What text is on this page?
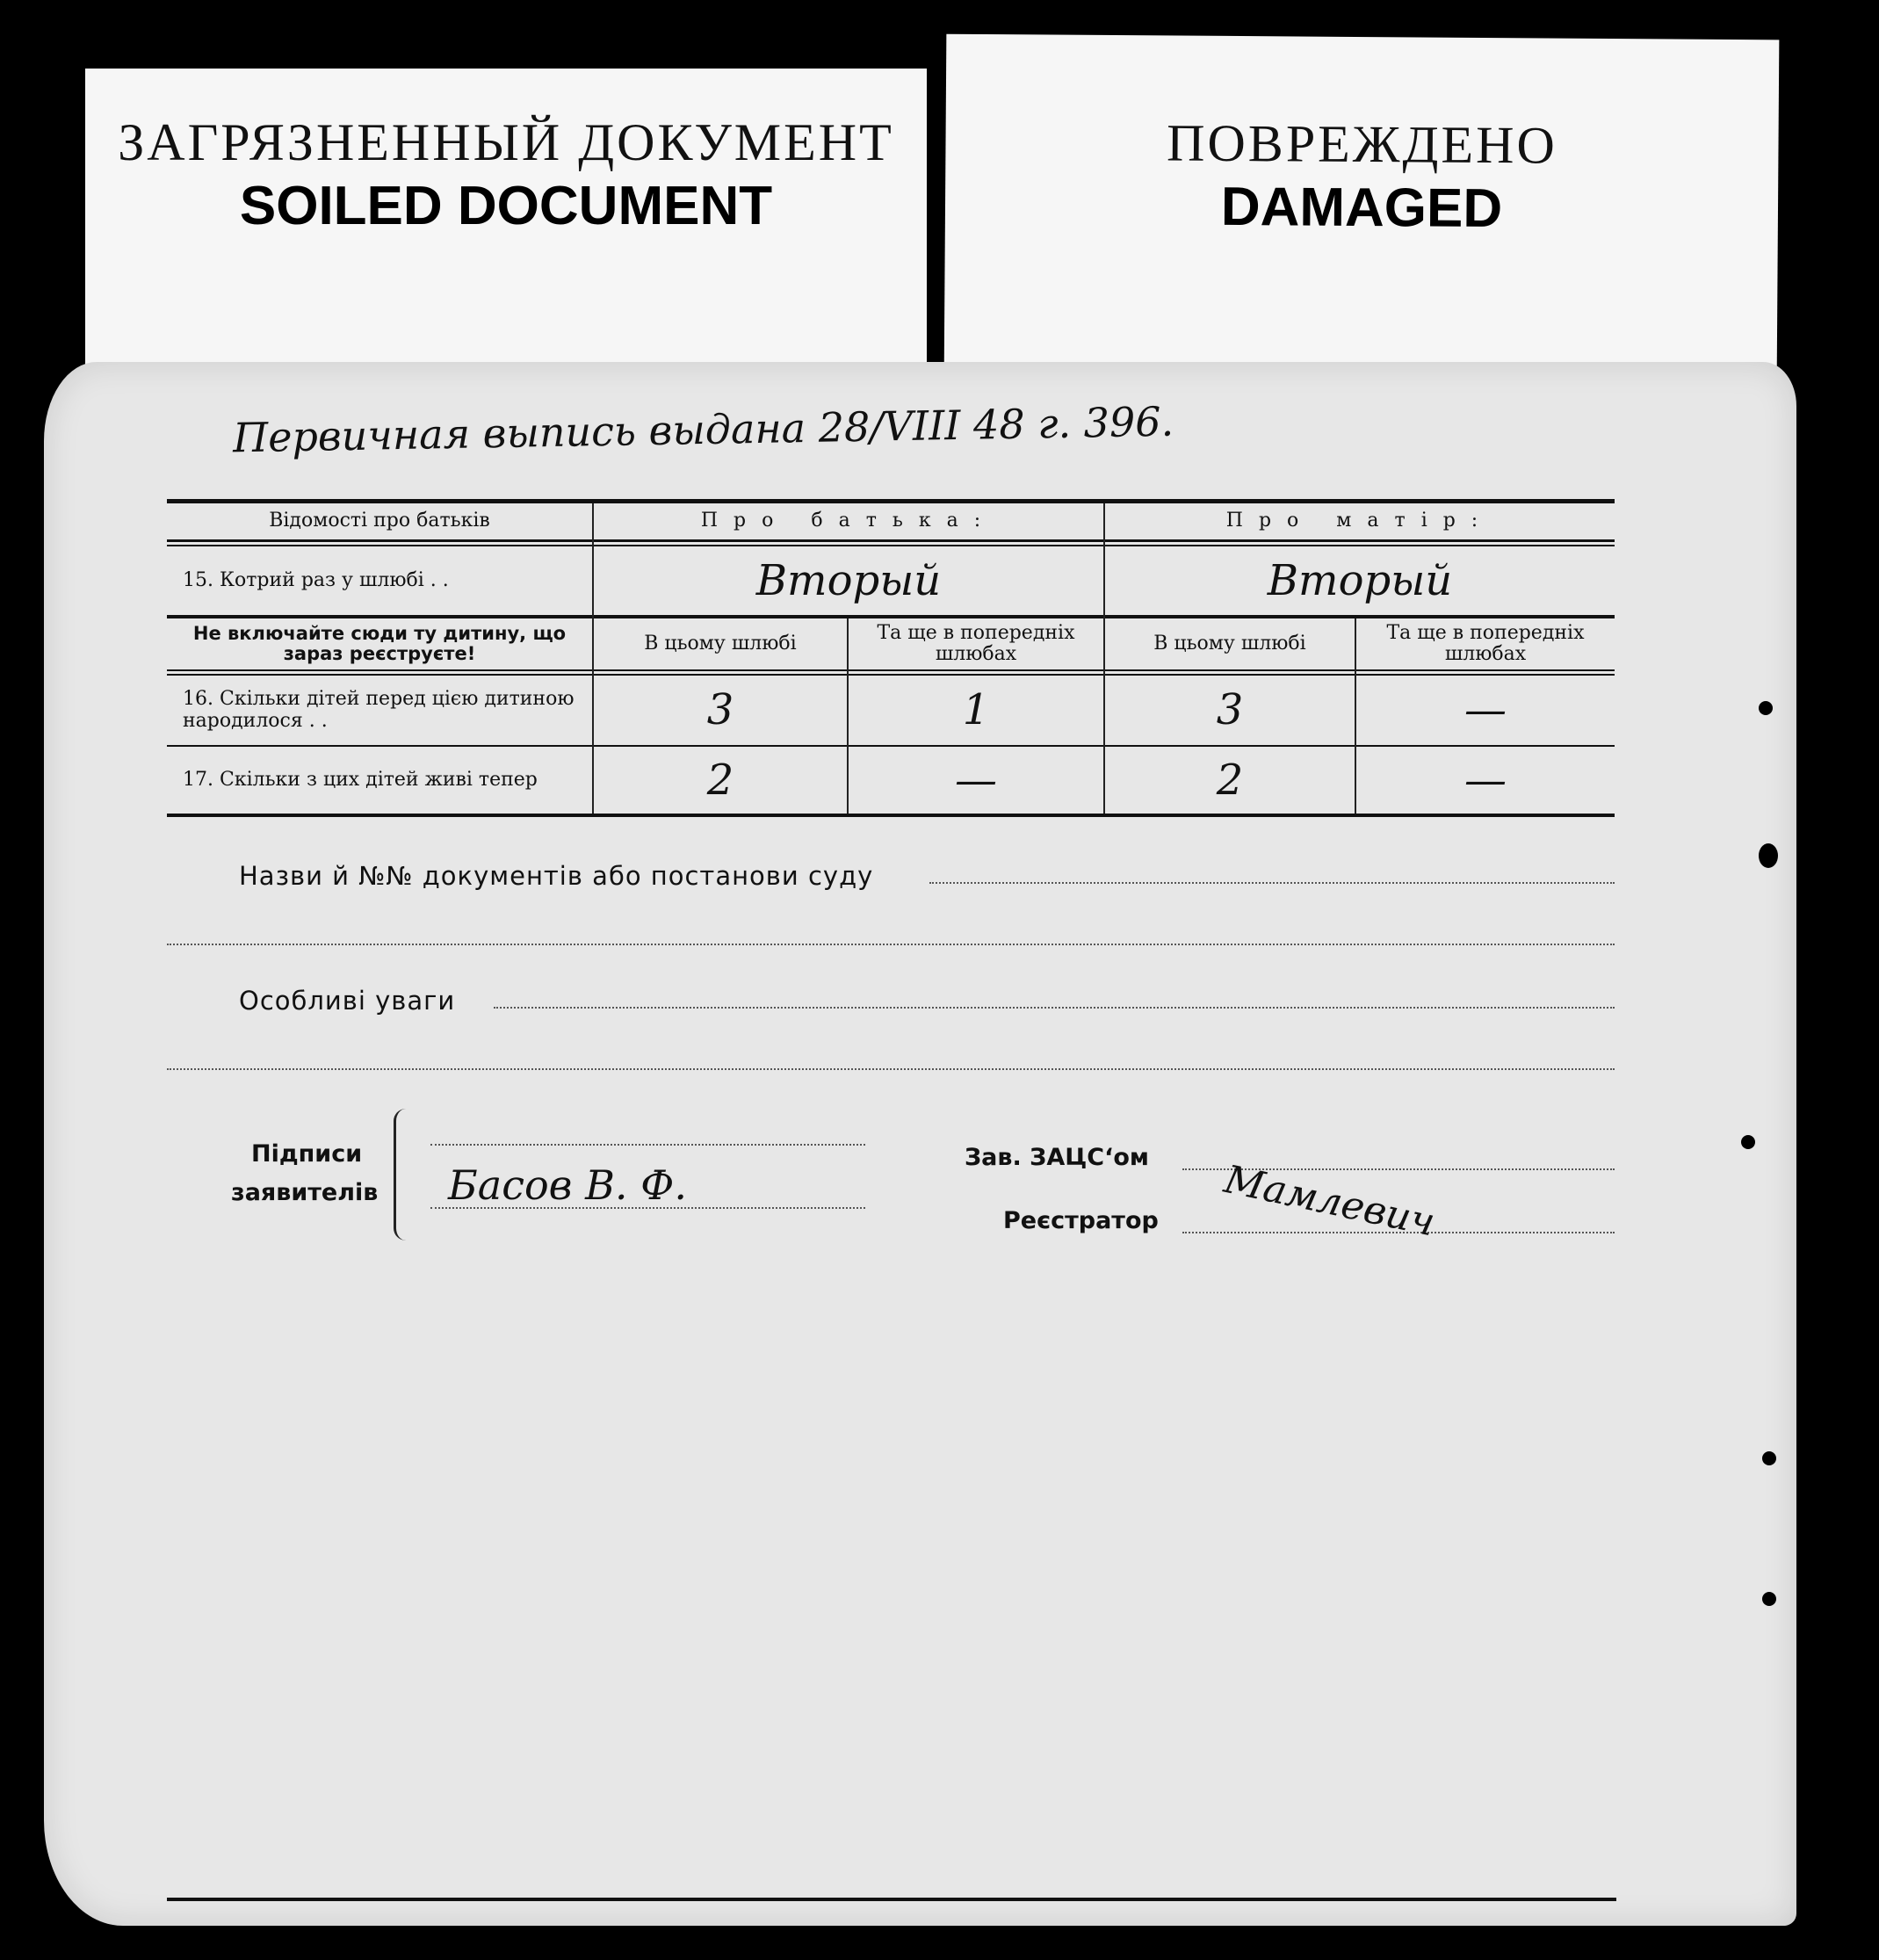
ЗАГРЯЗНЕННЫЙ ДОКУМЕНТ
SOILED DOCUMENT
ПОВРЕЖДЕНО
DAMAGED
Первичная выпись выдана 28/VIII 48 г. 396.
Відомості про батьків	Про батька:	Про матір:
15. Котрий раз у шлюбі . .	Вторый	Вторый
Не включайте сюди ту дитину, що зараз реєструєте!	В цьому шлюбі	Та ще в попередніх шлюбах	В цьому шлюбі	Та ще в попередніх шлюбах
16. Скільки дітей перед цією дитиною народилося . .	3	1	3	—
17. Скільки з цих дітей живі тепер	2	—	2	—
Назви й №№ документів або постанови суду
Особливі уваги
Підписи
заявителів Басов В. Ф.
Зав. ЗАЦС‘ом
Реєстратор Мамлевич
